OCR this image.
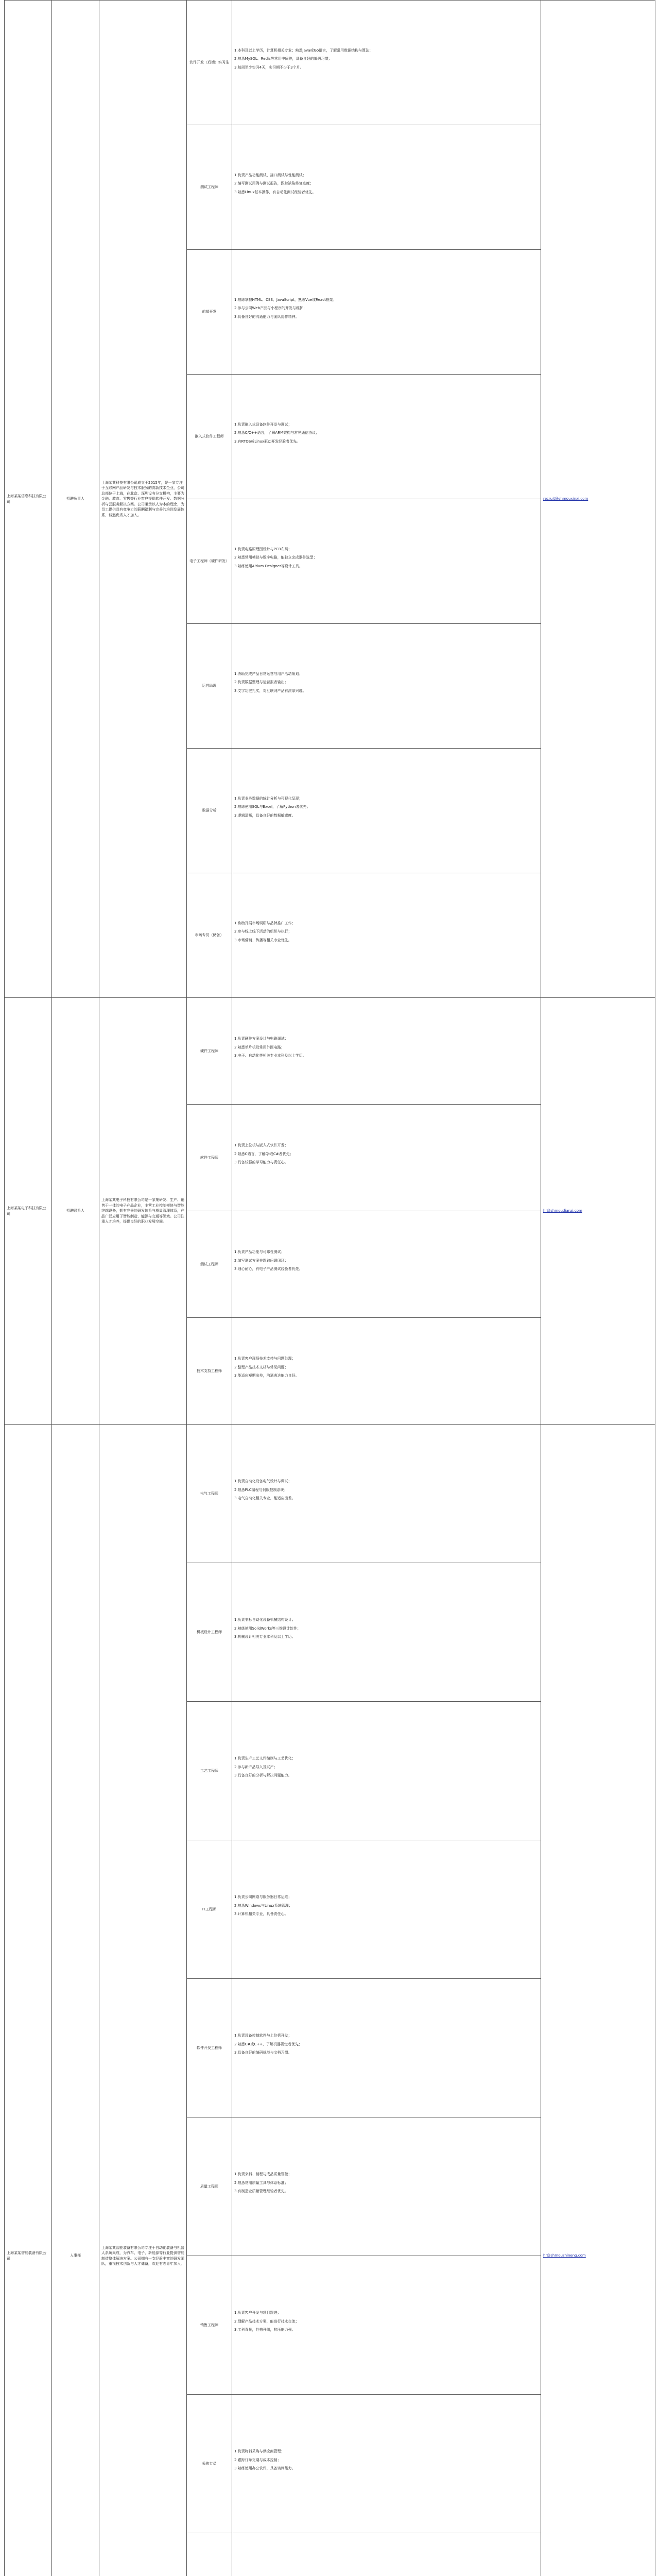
上海某某信息科技有限公司	招聘负责人	上海某某科技有限公司成立于2015年，是一家专注于互联网产品研发与技术服务的高新技术企业，公司总部位于上海，在北京、深圳设有分支机构，主要为金融、教育、零售等行业客户提供软件开发、数据分析与云服务解决方案。公司秉承以人为本的理念，为员工提供具有竞争力的薪酬福利与完善的培训发展体系，诚邀优秀人才加入。	软件开发（后端）实习生	1.本科及以上学历，计算机相关专业；熟悉Java或Go语言，了解常用数据结构与算法；
2.熟悉MySQL、Redis等常用中间件，具备良好的编码习惯；
3.每周至少实习4天，实习期不少于3个月。	recruit@shmouxinxi.com
			测试工程师	1.负责产品功能测试、接口测试与性能测试；
2.编写测试用例与测试报告，跟踪缺陷修复进度；
3.熟悉Linux基本操作，有自动化测试经验者优先。	

			前端开发	1.熟练掌握HTML、CSS、JavaScript，熟悉Vue或React框架；
2.参与公司Web产品与小程序的开发与维护；
3.具备良好的沟通能力与团队协作精神。	

			嵌入式软件工程师	1.负责嵌入式设备软件开发与调试；
2.熟悉C/C++语言，了解ARM架构与常见通信协议；
3.有RTOS或Linux驱动开发经验者优先。	

			电子工程师（硬件研发）	1.负责电路原理图设计与PCB布局；
2.熟悉常用模拟与数字电路，能独立完成器件选型；
3.熟练使用Altium Designer等设计工具。	

			运营助理	1.协助完成产品日常运营与用户活动策划；
2.负责数据整理与运营报表输出；
3.文字功底扎实，对互联网产品有浓厚兴趣。	

			数据分析	1.负责业务数据的统计分析与可视化呈现；
2.熟练使用SQL与Excel，了解Python者优先；
3.逻辑清晰，具备良好的数据敏感度。	

			市场专员（储备）	1.协助开展市场调研与品牌推广工作；
2.参与线上线下活动的组织与执行；
3.市场营销、传播等相关专业优先。	

上海某某电子科技有限公司	招聘联系人	上海某某电子科技有限公司是一家集研发、生产、销售于一体的电子产品企业，主营工业控制模块与智能终端设备，拥有完善的研发体系与质量管理体系，产品广泛应用于智能制造、能源与交通等领域。公司注重人才培养，提供良好的职业发展空间。	硬件工程师	1.负责硬件方案设计与电路调试；
2.熟悉单片机及常用外围电路；
3.电子、自动化等相关专业本科及以上学历。	hr@shmoudianzi.com
			软件工程师	1.负责上位机与嵌入式软件开发；
2.熟悉C语言，了解Qt或C#者优先；
3.具备较强的学习能力与责任心。	

			测试工程师	1.负责产品功能与可靠性测试；
2.编写测试方案并跟踪问题闭环；
3.细心耐心，有电子产品测试经验者优先。	

			技术支持工程师	1.负责客户现场技术支持与问题处理；
2.整理产品技术文档与常见问题；
3.能适应短期出差，沟通表达能力良好。	

上海某某智能装备有限公司	人事部	上海某某智能装备有限公司专注于自动化装备与机器人系统集成，为汽车、电子、新能源等行业提供智能制造整体解决方案。公司拥有一支经验丰富的研发团队，重视技术创新与人才储备，欢迎有志青年加入。	电气工程师	1.负责自动化设备电气设计与调试；
2.熟悉PLC编程与伺服控制系统；
3.电气自动化相关专业，能适应出差。	hr@shmouzhineng.com
			机械设计工程师	1.负责非标自动化设备机械结构设计；
2.熟练使用SolidWorks等三维设计软件；
3.机械设计相关专业本科及以上学历。	

			工艺工程师	1.负责生产工艺文件编制与工艺优化；
2.参与新产品导入及试产；
3.具备良好的分析与解决问题能力。	

			IT工程师	1.负责公司网络与服务器日常运维；
2.熟悉Windows与Linux系统管理；
3.计算机相关专业，具备责任心。	

			软件开发工程师	1.负责设备控制软件与上位机开发；
2.熟悉C#或C++，了解机器视觉者优先；
3.具备良好的编码规范与文档习惯。	

			质量工程师	1.负责来料、制程与成品质量管控；
2.熟悉常用质量工具与体系标准；
3.有制造业质量管理经验者优先。	

			销售工程师	1.负责客户开发与项目跟进；
2.理解产品技术方案，能进行技术交流；
3.工科背景，性格开朗，抗压能力强。	

			采购专员	1.负责物料采购与供应商管理；
2.跟踪订单交期与成本控制；
3.熟练使用办公软件，具备谈判能力。	
